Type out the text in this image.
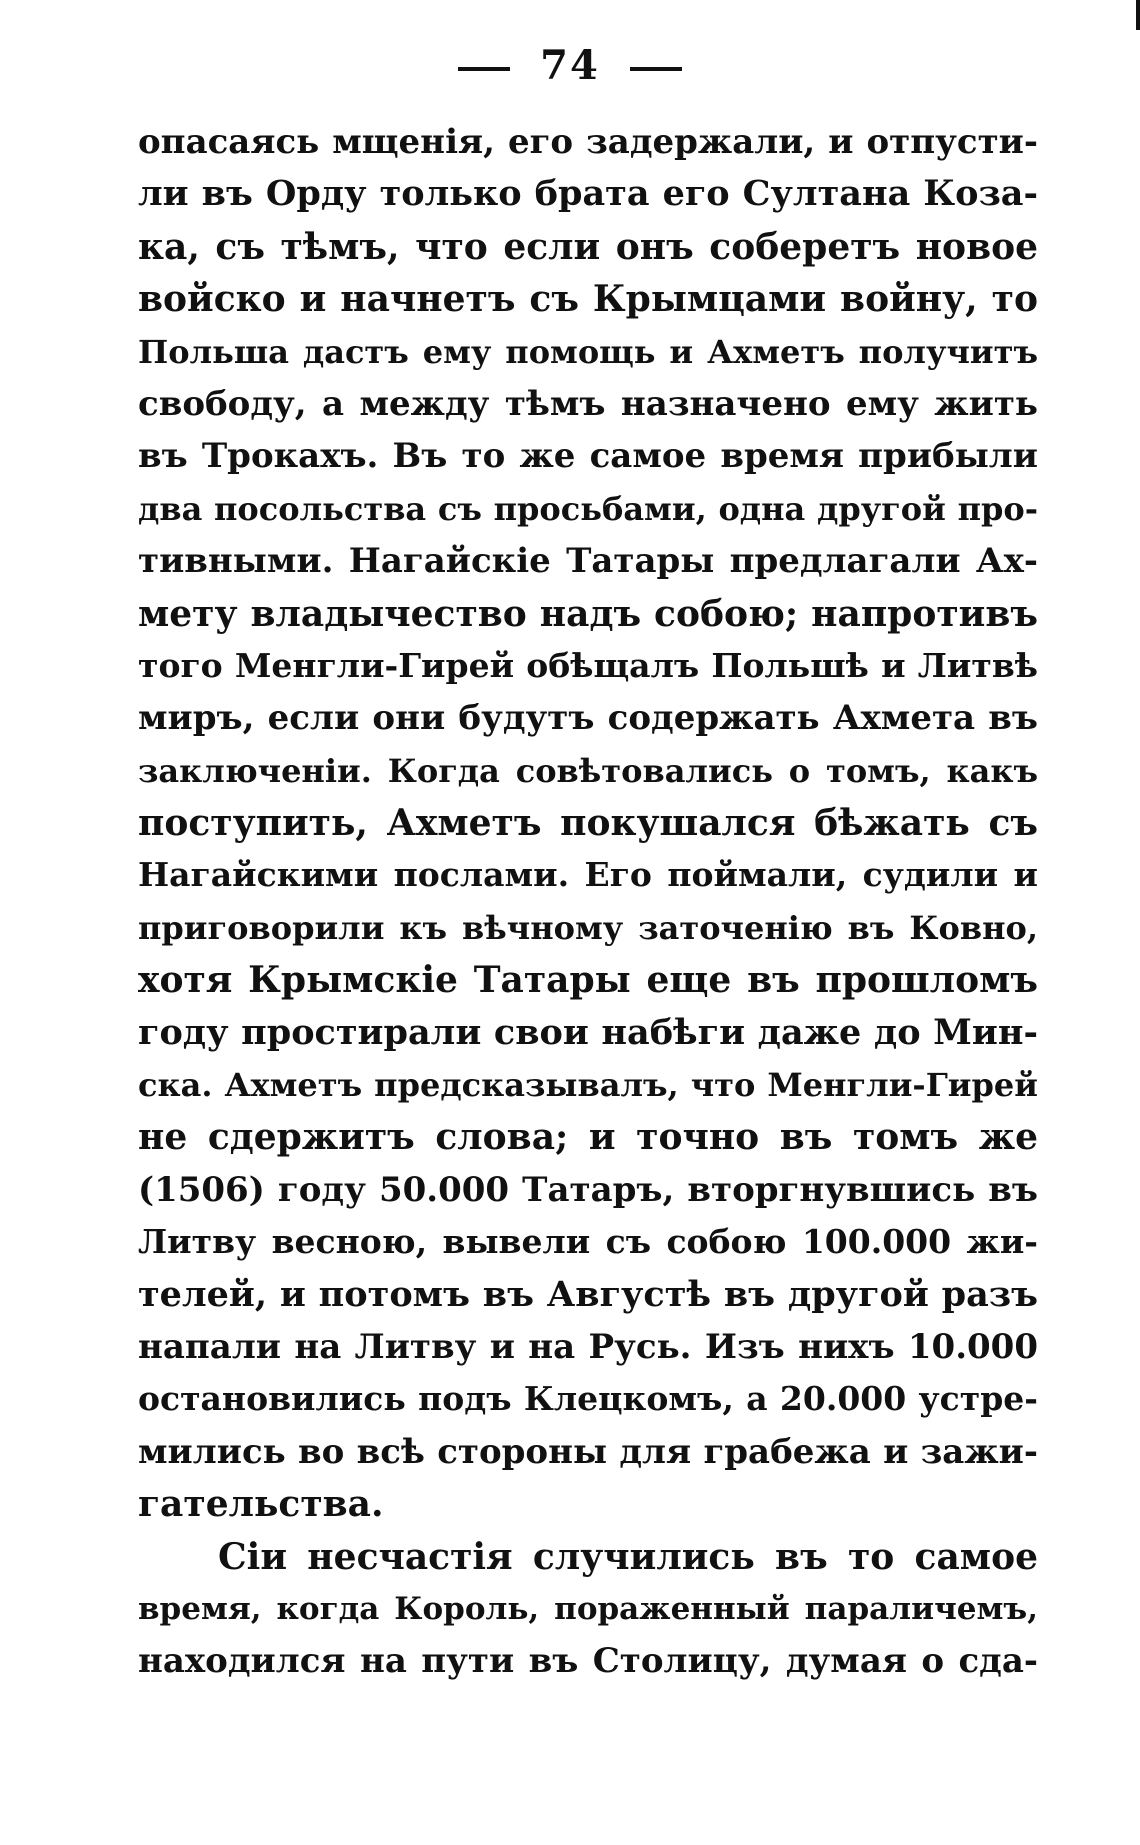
74
опасаясь мщенія, его задержали, и отпусти-
ли въ Орду только брата его Султана Коза-
ка, съ тѣмъ, что если онъ соберетъ новое
войско и начнетъ съ Крымцами войну, то
Польша дастъ ему помощь и Ахметъ получитъ
свободу, а между тѣмъ назначено ему жить
въ Трокахъ. Въ то же самое время прибыли
два посольства съ просьбами, одна другой про-
тивными. Нагайскіе Татары предлагали Ах-
мету владычество надъ собою; напротивъ
того Менгли-Гирей обѣщалъ Польшѣ и Литвѣ
миръ, если они будутъ содержать Ахмета въ
заключеніи. Когда совѣтовались о томъ, какъ
поступить, Ахметъ покушался бѣжать съ
Нагайскими послами. Его поймали, судили и
приговорили къ вѣчному заточенію въ Ковно,
хотя Крымскіе Татары еще въ прошломъ
году простирали свои набѣги даже до Мин-
ска. Ахметъ предсказывалъ, что Менгли-Гирей
не сдержитъ слова; и точно въ томъ же
(1506) году 50.000 Татаръ, вторгнувшись въ
Литву весною, вывели съ собою 100.000 жи-
телей, и потомъ въ Августѣ въ другой разъ
напали на Литву и на Русь. Изъ нихъ 10.000
остановились подъ Клецкомъ, а 20.000 устре-
мились во всѣ стороны для грабежа и зажи-
гательства.
Сіи несчастія случились въ то самое
время, когда Король, пораженный параличемъ,
находился на пути въ Столицу, думая о сда-
